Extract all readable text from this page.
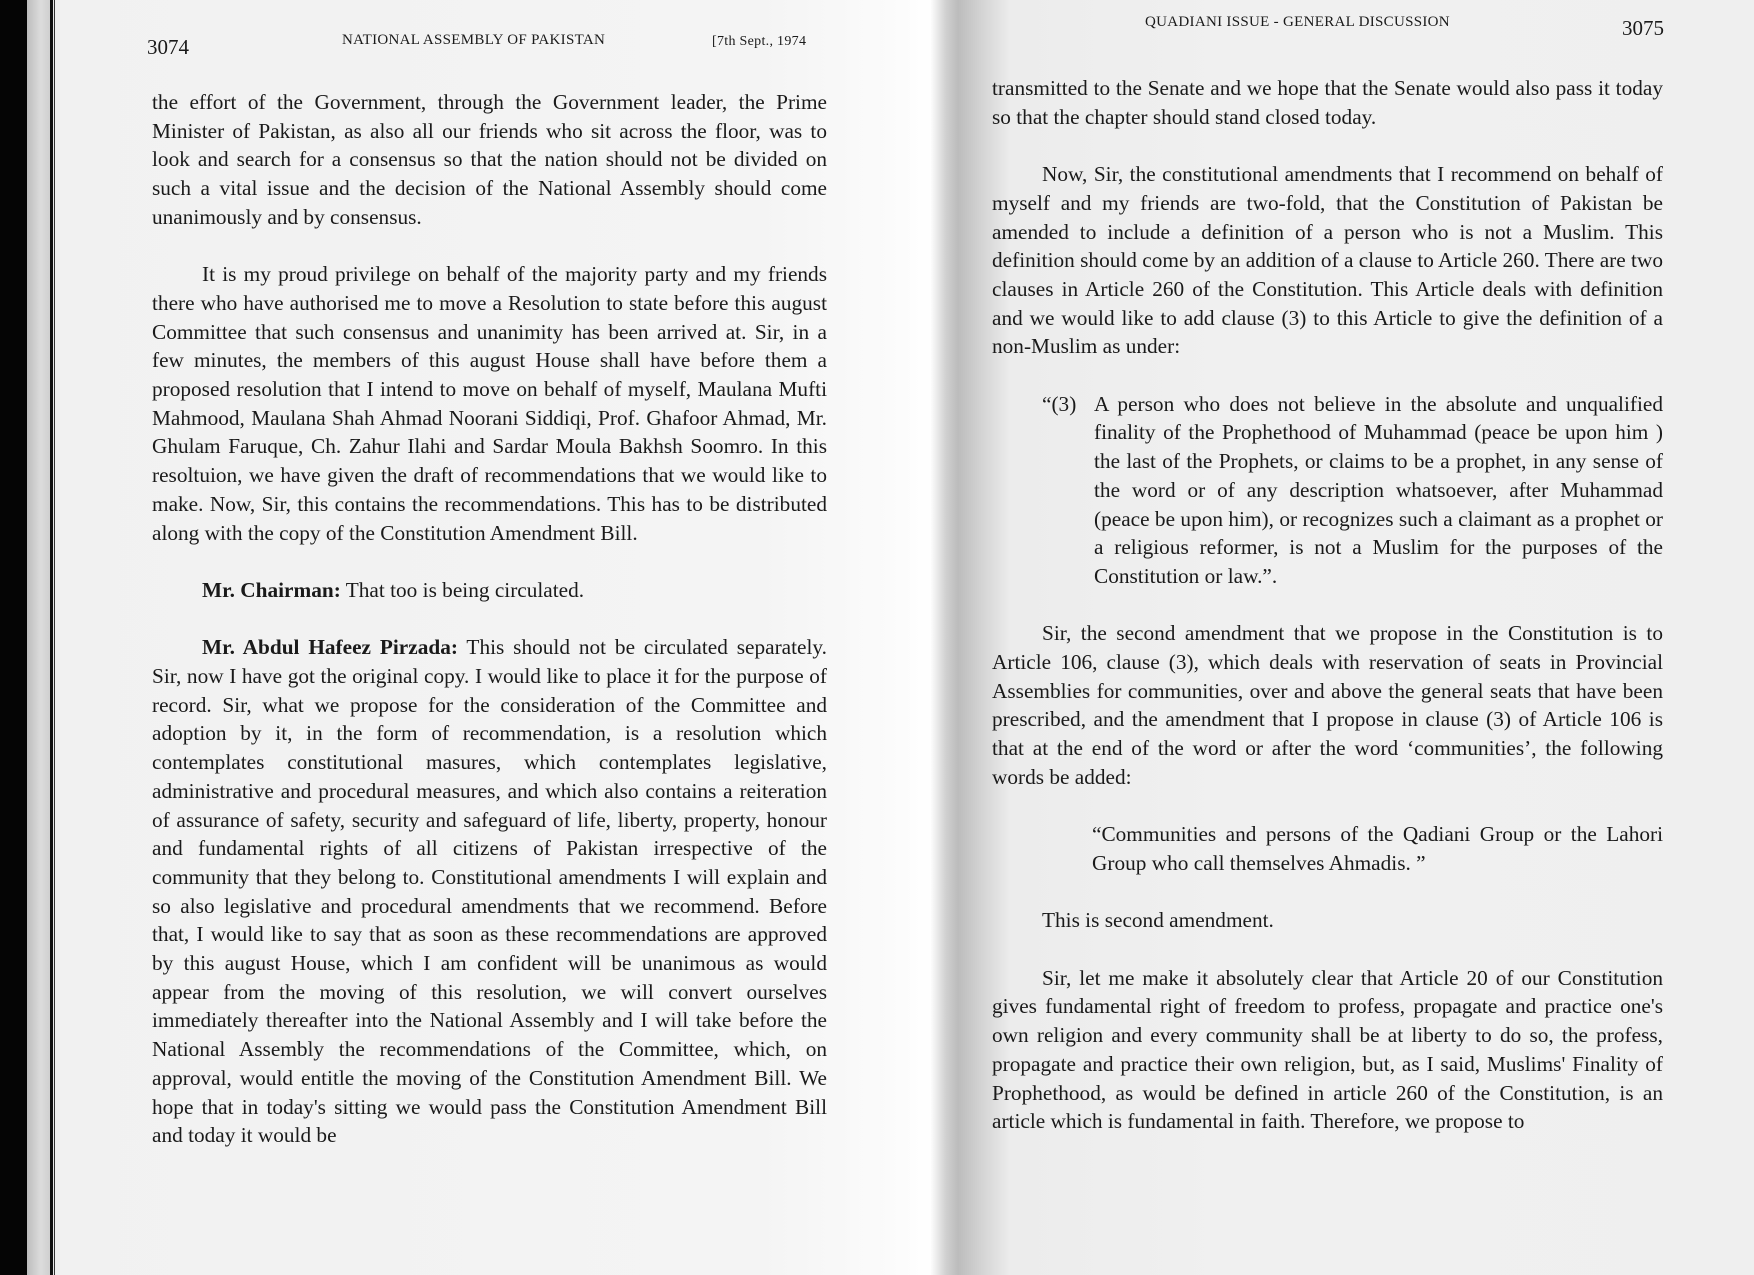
3074	NATIONAL ASSEMBLY OF PAKISTAN	[7th Sept., 1974
QUADIANI ISSUE - GENERAL DISCUSSION	3075

the effort of the Government, through the Government leader, the Prime Minister of Pakistan, as also all our friends who sit across the floor, was to look and search for a consensus so that the nation should not be divided on such a vital issue and the decision of the National Assembly should come unanimously and by consensus.

It is my proud privilege on behalf of the majority party and my friends there who have authorised me to move a Resolution to state before this august Committee that such consensus and unanimity has been arrived at. Sir, in a few minutes, the members of this august House shall have before them a proposed resolution that I intend to move on behalf of myself, Maulana Mufti Mahmood, Maulana Shah Ahmad Noorani Siddiqi, Prof. Ghafoor Ahmad, Mr. Ghulam Faruque, Ch. Zahur Ilahi and Sardar Moula Bakhsh Soomro. In this resoltuion, we have given the draft of recommendations that we would like to make. Now, Sir, this contains the recommendations. This has to be distributed along with the copy of the Constitution Amendment Bill.

Mr. Chairman: That too is being circulated.

Mr. Abdul Hafeez Pirzada: This should not be circulated separately. Sir, now I have got the original copy. I would like to place it for the purpose of record. Sir, what we propose for the consideration of the Committee and adoption by it, in the form of recommendation, is a resolution which contemplates constitutional masures, which contemplates legislative, administrative and procedural measures, and which also contains a reiteration of assurance of safety, security and safeguard of life, liberty, property, honour and fundamental rights of all citizens of Pakistan irrespective of the community that they belong to. Constitutional amendments I will explain and so also legislative and procedural amendments that we recommend. Before that, I would like to say that as soon as these recommendations are approved by this august House, which I am confident will be unanimous as would appear from the moving of this resolution, we will convert ourselves immediately thereafter into the National Assembly and I will take before the National Assembly the recommendations of the Committee, which, on approval, would entitle the moving of the Constitution Amendment Bill. We hope that in today's sitting we would pass the Constitution Amendment Bill and today it would be

transmitted to the Senate and we hope that the Senate would also pass it today so that the chapter should stand closed today.

Now, Sir, the constitutional amendments that I recommend on behalf of myself and my friends are two-fold, that the Constitution of Pakistan be amended to include a definition of a person who is not a Muslim. This definition should come by an addition of a clause to Article 260. There are two clauses in Article 260 of the Constitution. This Article deals with definition and we would like to add clause (3) to this Article to give the definition of a non-Muslim as under:

“(3) A person who does not believe in the absolute and unqualified finality of the Prophethood of Muhammad (peace be upon him ) the last of the Prophets, or claims to be a prophet, in any sense of the word or of any description whatsoever, after Muhammad (peace be upon him), or recognizes such a claimant as a prophet or a religious reformer, is not a Muslim for the purposes of the Constitution or law.”.

Sir, the second amendment that we propose in the Constitution is to Article 106, clause (3), which deals with reservation of seats in Provincial Assemblies for communities, over and above the general seats that have been prescribed, and the amendment that I propose in clause (3) of Article 106 is that at the end of the word or after the word ‘communities’, the following words be added:

“Communities and persons of the Qadiani Group or the Lahori Group who call themselves Ahmadis. ”

This is second amendment.

Sir, let me make it absolutely clear that Article 20 of our Constitution gives fundamental right of freedom to profess, propagate and practice one's own religion and every community shall be at liberty to do so, the profess, propagate and practice their own religion, but, as I said, Muslims' Finality of Prophethood, as would be defined in article 260 of the Constitution, is an article which is fundamental in faith. Therefore, we propose to
